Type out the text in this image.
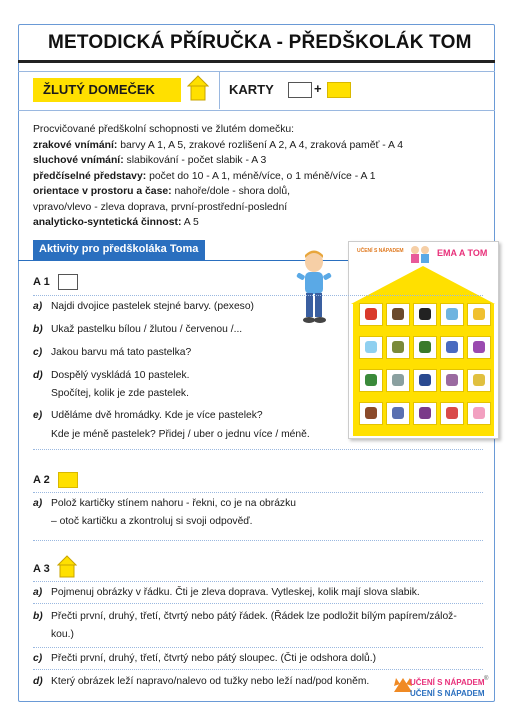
METODICKÁ PŘÍRUČKA - PŘEDŠKOLÁK TOM
ŽLUTÝ DOMEČEK	KARTY	+
Procvičované předškolní schopnosti ve žlutém domečku:
zrakové vnímání: barvy A 1, A 5, zrakové rozlišení A 2, A 4, zraková paměť - A 4
sluchové vnímání: slabikování - počet slabik - A 3
předčíselné představy: počet do 10 - A 1, méně/více, o 1 méně/více - A 1
orientace v prostoru a čase: nahoře/dole - shora dolů,
vpravo/vlevo - zleva doprava, první-prostřední-poslední
analyticko-syntetická činnost: A 5
Aktivity pro předškoláka Toma	UČENÍ S NÁPADEM	EMA A TOM
A 1
a) Najdi dvojice pastelek stejné barvy. (pexeso)
b) Ukaž pastelku bílou / žlutou / červenou /...
c) Jakou barvu má tato pastelka?
d) Dospělý vyskládá 10 pastelek.
Spočítej, kolik je zde pastelek.
e) Uděláme dvě hromádky. Kde je více pastelek?
Kde je méně pastelek? Přidej / uber o jednu více / méně.
A 2
a) Polož kartičky stínem nahoru - řekni, co je na obrázku
– otoč kartičku a zkontroluj si svoji odpověď.
A 3
a) Pojmenuj obrázky v řádku. Čti je zleva doprava. Vytleskej, kolik mají slova slabik.
b) Přečti první, druhý, třetí, čtvrtý nebo pátý řádek. (Řádek lze podložit bílým papírem/zálož-
kou.)
c) Přečti první, druhý, třetí, čtvrtý nebo pátý sloupec. (Čti je odshora dolů.)
d) Který obrázek leží napravo/nalevo od tužky nebo leží nad/pod koněm.	UČENÍ S NÁPADEM
UČENÍ S NÁPADEM
®
